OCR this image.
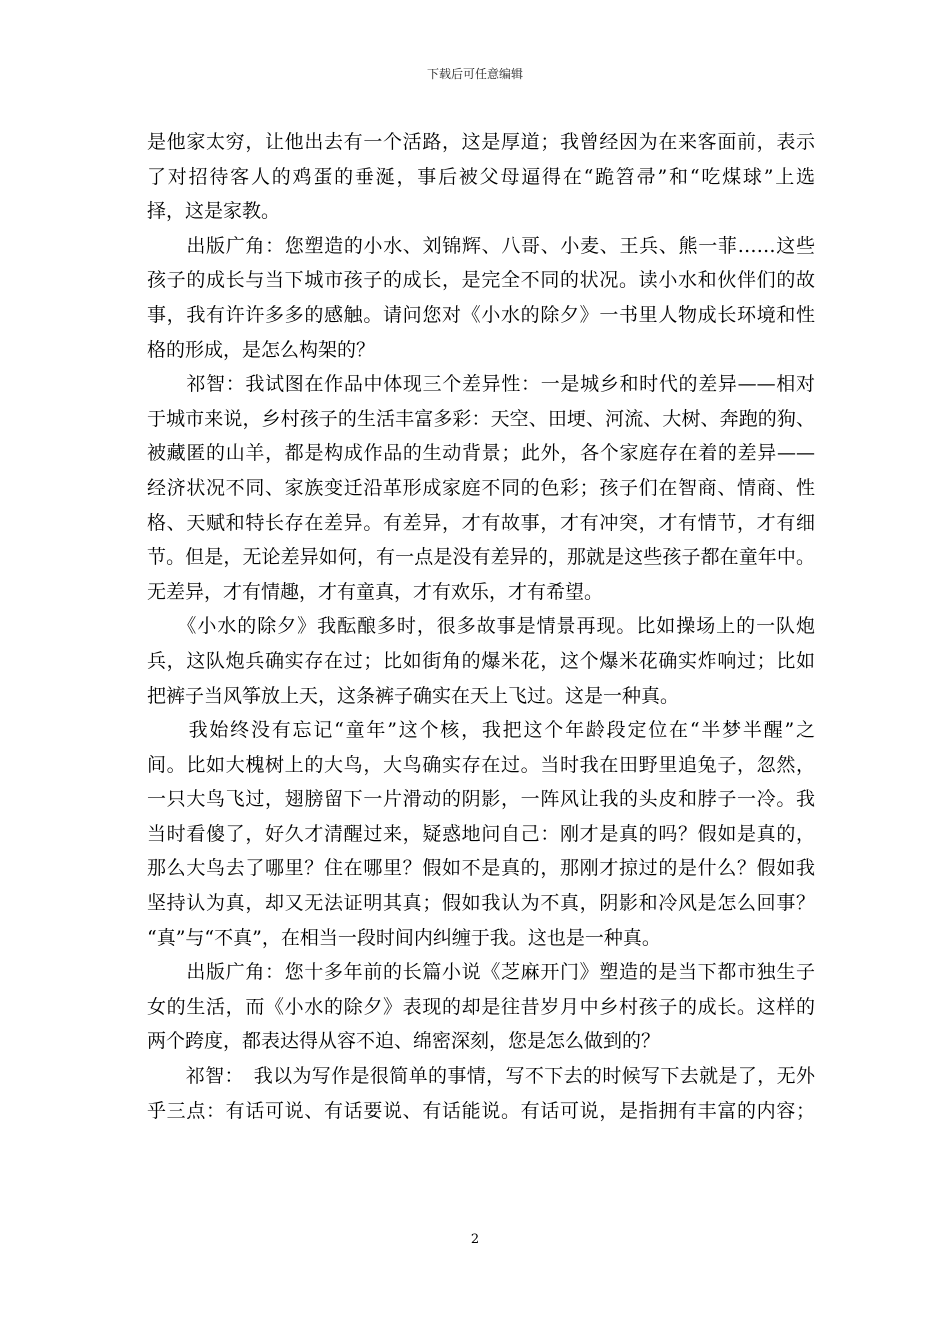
下载后可任意编辑
是他家太穷，让他出去有一个活路，这是厚道；我曾经因为在来客面前，表示
了对招待客人的鸡蛋的垂涎，事后被父母逼得在“跪笤帚”和“吃煤球”上选
择，这是家教。
　　出版广角：您塑造的小水、刘锦辉、八哥、小麦、王兵、熊一菲……这些
孩子的成长与当下城市孩子的成长，是完全不同的状况。读小水和伙伴们的故
事，我有许许多多的感触。请问您对《小水的除夕》一书里人物成长环境和性
格的形成，是怎么构架的？
　　祁智：我试图在作品中体现三个差异性：一是城乡和时代的差异——相对
于城市来说，乡村孩子的生活丰富多彩：天空、田埂、河流、大树、奔跑的狗、
被藏匿的山羊，都是构成作品的生动背景；此外，各个家庭存在着的差异——
经济状况不同、家族变迁沿革形成家庭不同的色彩；孩子们在智商、情商、性
格、天赋和特长存在差异。有差异，才有故事，才有冲突，才有情节，才有细
节。但是，无论差异如何，有一点是没有差异的，那就是这些孩子都在童年中。
无差异，才有情趣，才有童真，才有欢乐，才有希望。
　　《小水的除夕》我酝酿多时，很多故事是情景再现。比如操场上的一队炮
兵，这队炮兵确实存在过；比如街角的爆米花，这个爆米花确实炸响过；比如
把裤子当风筝放上天，这条裤子确实在天上飞过。这是一种真。
　　我始终没有忘记“童年”这个核，我把这个年龄段定位在“半梦半醒”之
间。比如大槐树上的大鸟，大鸟确实存在过。当时我在田野里追兔子，忽然，
一只大鸟飞过，翅膀留下一片滑动的阴影，一阵风让我的头皮和脖子一冷。我
当时看傻了，好久才清醒过来，疑惑地问自己：刚才是真的吗？假如是真的，
那么大鸟去了哪里？住在哪里？假如不是真的，那刚才掠过的是什么？假如我
坚持认为真，却又无法证明其真；假如我认为不真，阴影和冷风是怎么回事？
“真”与“不真”，在相当一段时间内纠缠于我。这也是一种真。
　　出版广角：您十多年前的长篇小说《芝麻开门》塑造的是当下都市独生子
女的生活，而《小水的除夕》表现的却是往昔岁月中乡村孩子的成长。这样的
两个跨度，都表达得从容不迫、绵密深刻，您是怎么做到的？
　　祁智：　我以为写作是很简单的事情，写不下去的时候写下去就是了，无外
乎三点：有话可说、有话要说、有话能说。有话可说，是指拥有丰富的内容；
2
